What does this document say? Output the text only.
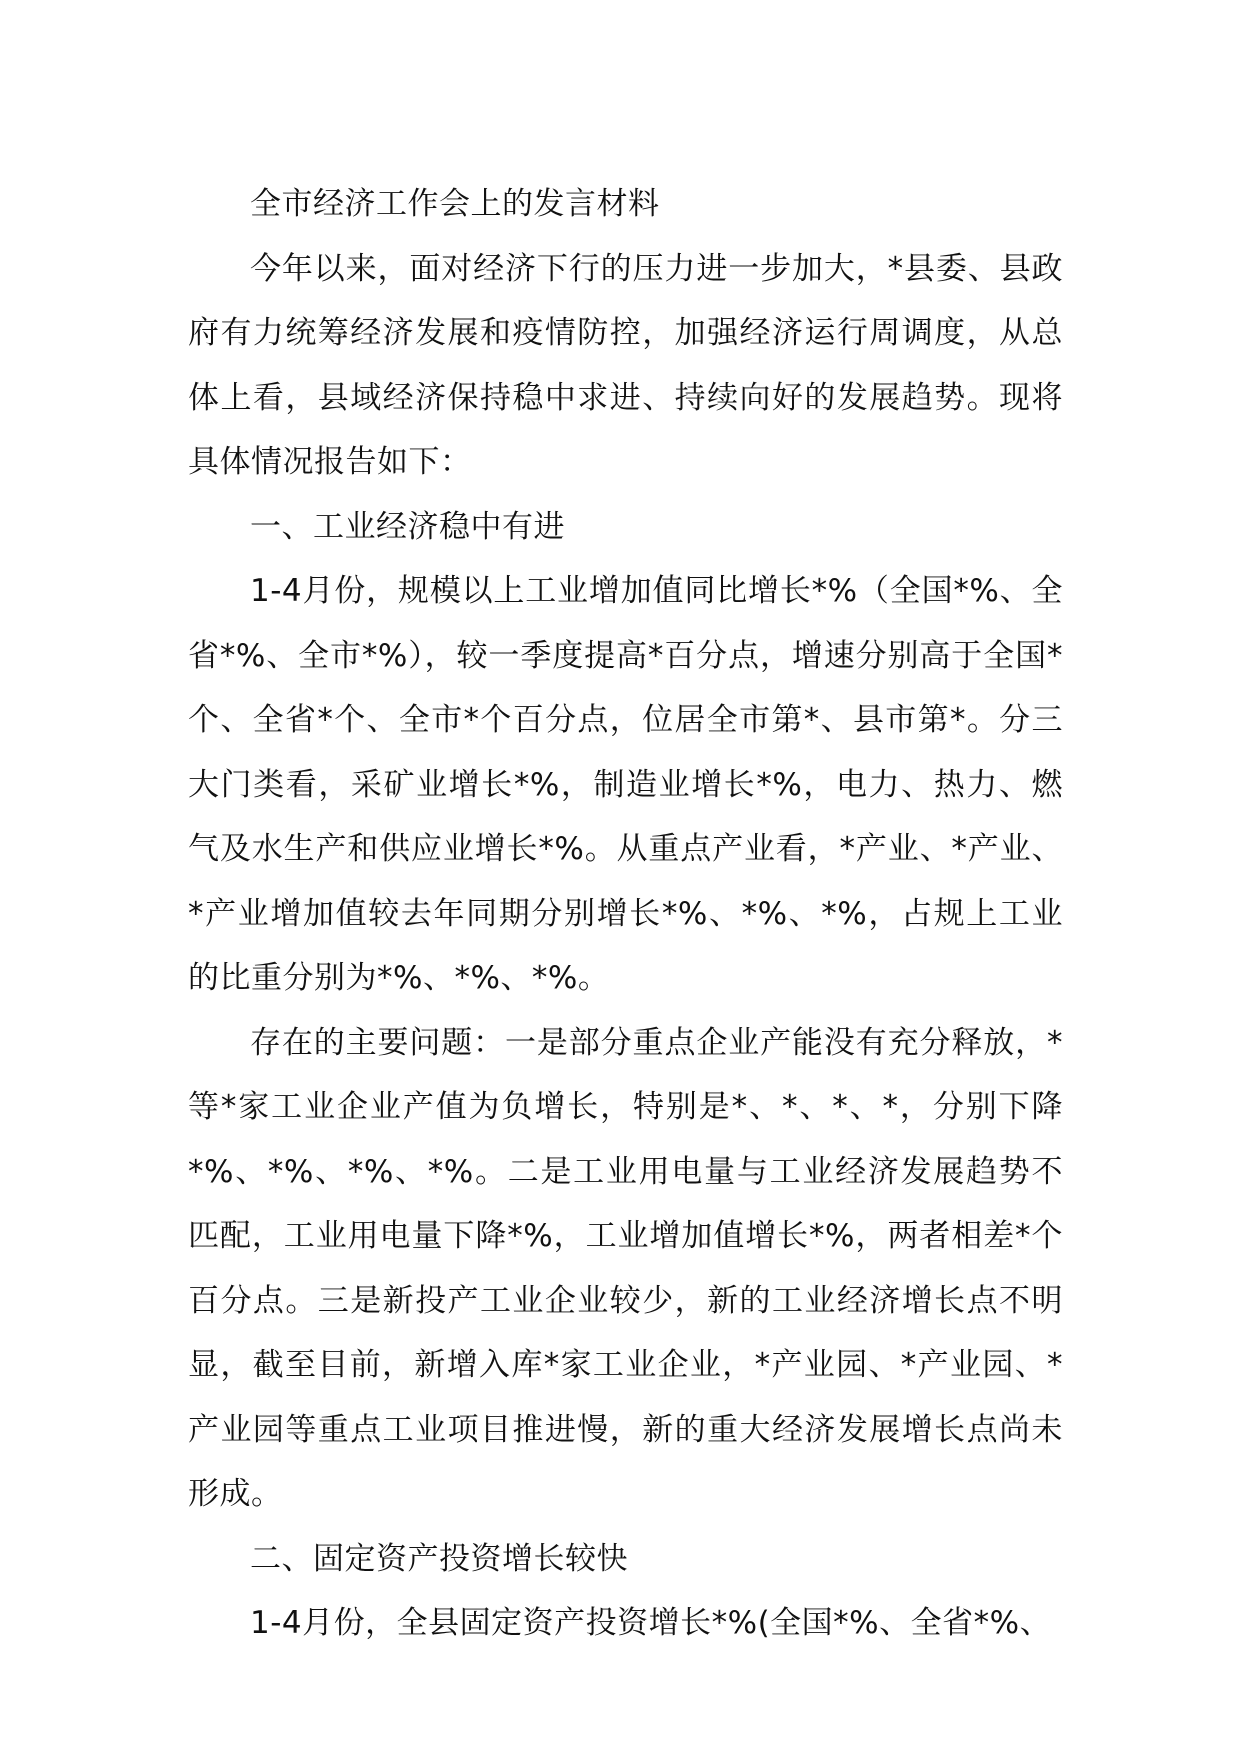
全市经济工作会上的发言材料

今年以来，面对经济下行的压力进一步加大，*县委、县政府有力统筹经济发展和疫情防控，加强经济运行周调度，从总体上看，县域经济保持稳中求进、持续向好的发展趋势。现将具体情况报告如下：

一、工业经济稳中有进

1-4月份，规模以上工业增加值同比增长*%（全国*%、全省*%、全市*%），较一季度提高*百分点，增速分别高于全国*个、全省*个、全市*个百分点，位居全市第*、县市第*。分三大门类看，采矿业增长*%，制造业增长*%，电力、热力、燃气及水生产和供应业增长*%。从重点产业看，*产业、*产业、*产业增加值较去年同期分别增长*%、*%、*%，占规上工业的比重分别为*%、*%、*%。

存在的主要问题：一是部分重点企业产能没有充分释放，*等*家工业企业产值为负增长，特别是*、*、*、*，分别下降*%、*%、*%、*%。二是工业用电量与工业经济发展趋势不匹配，工业用电量下降*%，工业增加值增长*%，两者相差*个百分点。三是新投产工业企业较少，新的工业经济增长点不明显，截至目前，新增入库*家工业企业，*产业园、*产业园、*产业园等重点工业项目推进慢，新的重大经济发展增长点尚未形成。

二、固定资产投资增长较快

1-4月份，全县固定资产投资增长*%(全国*%、全省*%、
